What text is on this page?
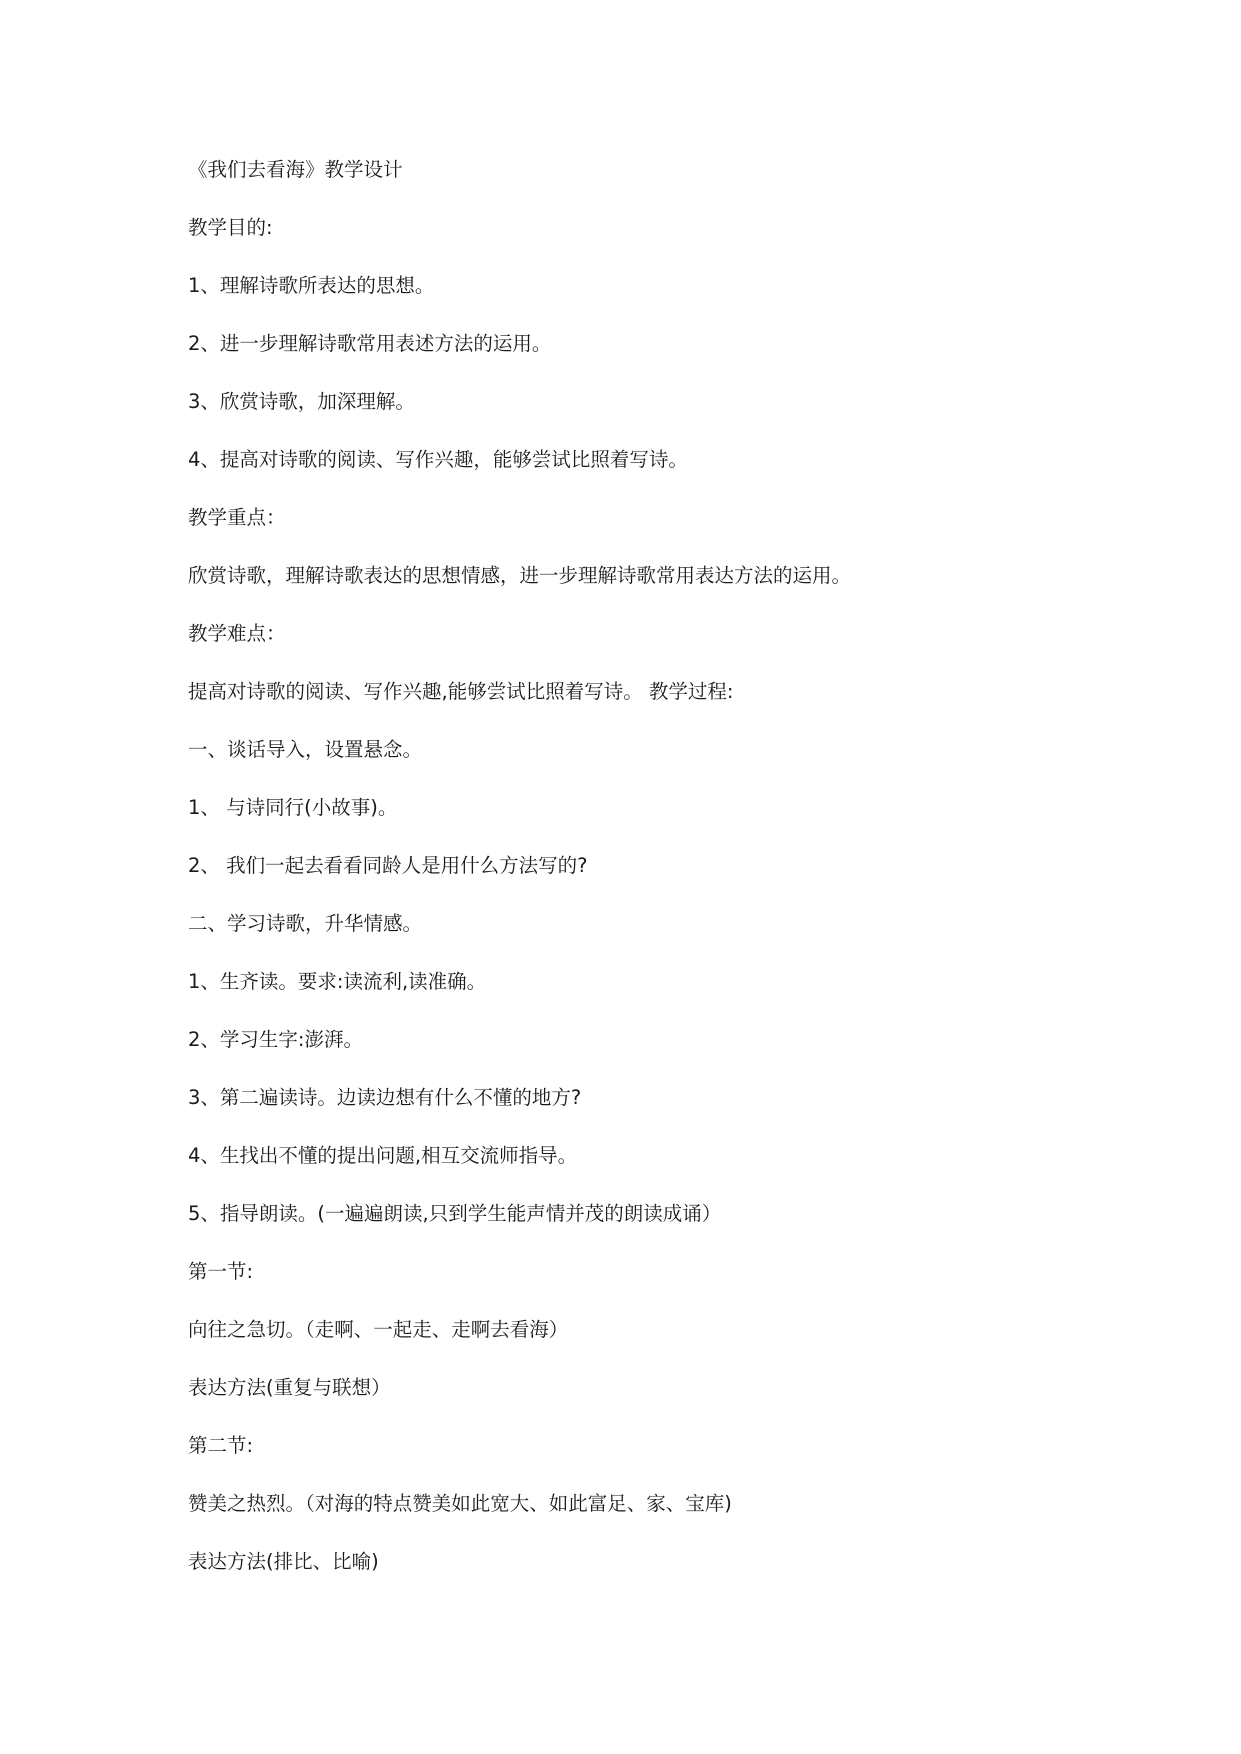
《我们去看海》教学设计
教学目的:
1、理解诗歌所表达的思想。
2、进一步理解诗歌常用表述方法的运用。
3、欣赏诗歌，加深理解。
4、提高对诗歌的阅读、写作兴趣，能够尝试比照着写诗。
教学重点：
欣赏诗歌，理解诗歌表达的思想情感，进一步理解诗歌常用表达方法的运用。
教学难点：
提高对诗歌的阅读、写作兴趣,能够尝试比照着写诗。 教学过程:
一、谈话导入，设置悬念。
1、 与诗同行(小故事)。
2、 我们一起去看看同龄人是用什么方法写的?
二、学习诗歌，升华情感。
1、生齐读。要求:读流利,读准确。
2、学习生字:澎湃。
3、第二遍读诗。边读边想有什么不懂的地方?
4、生找出不懂的提出问题,相互交流师指导。
5、指导朗读。(一遍遍朗读,只到学生能声情并茂的朗读成诵）
第一节:
向往之急切。（走啊、一起走、走啊去看海）
表达方法(重复与联想）
第二节:
赞美之热烈。（对海的特点赞美如此宽大、如此富足、家、宝库)
表达方法(排比、比喻)
